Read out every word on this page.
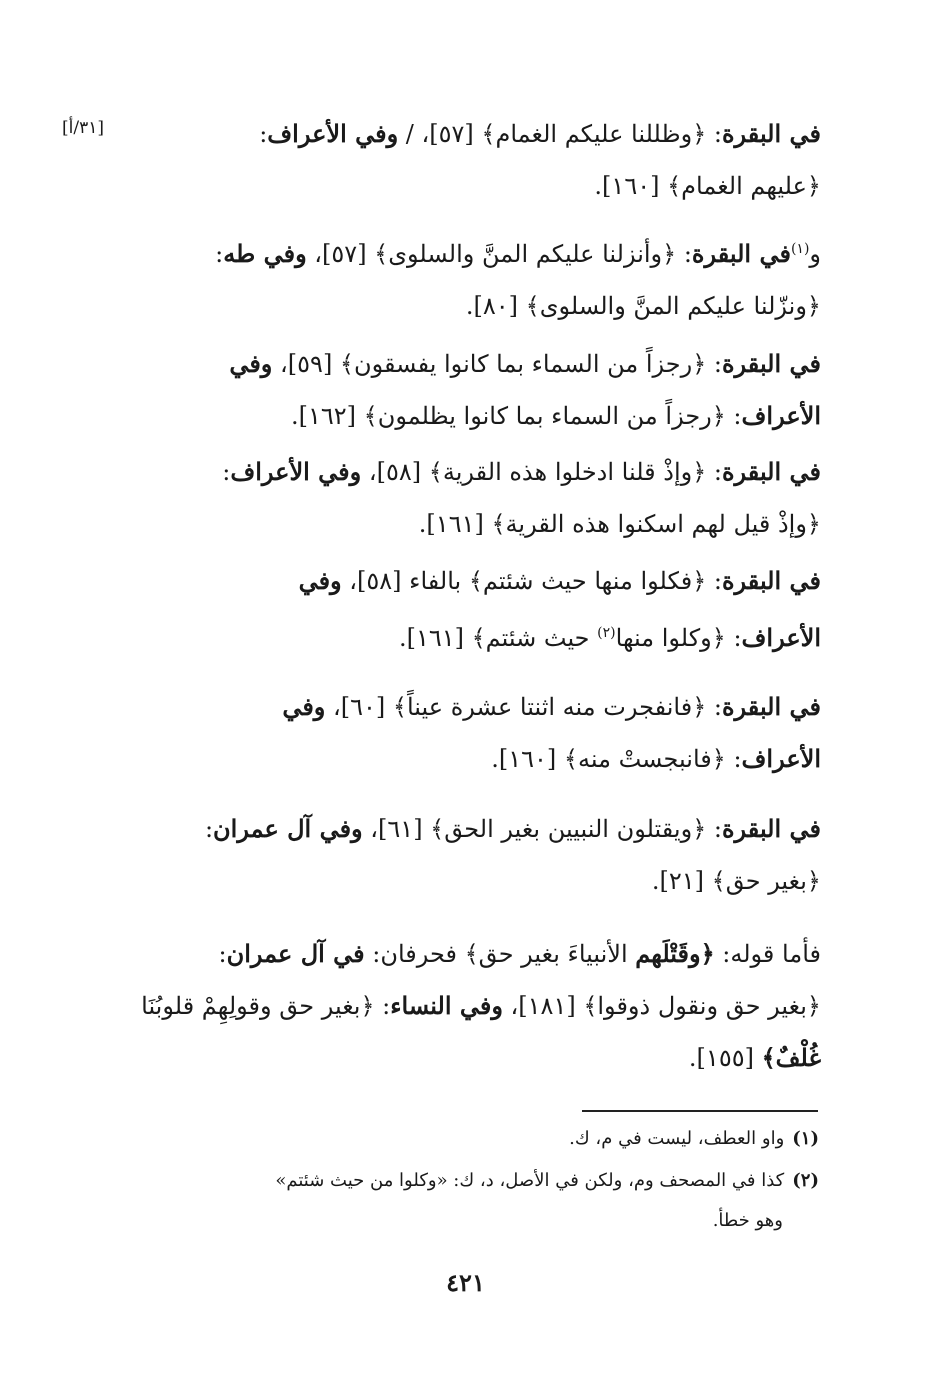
[٣١/أ]	في البقرة: ﴿وظللنا عليكم الغمام﴾ [٥٧]، / وفي الأعراف:
﴿عليهم الغمام﴾ [١٦٠].
و$^{(١)}$في البقرة: ﴿وأنزلنا عليكم المنَّ والسلوى﴾ [٥٧]، وفي طه:
﴿ونزّلنا عليكم المنَّ والسلوى﴾ [٨٠].
في البقرة: ﴿رجزاً من السماء بما كانوا يفسقون﴾ [٥٩]، وفي
الأعراف: ﴿رجزاً من السماء بما كانوا يظلمون﴾ [١٦٢].
في البقرة: ﴿وإذْ قلنا ادخلوا هذه القرية﴾ [٥٨]، وفي الأعراف:
﴿وإذْ قيل لهم اسكنوا هذه القرية﴾ [١٦١].
في البقرة: ﴿فكلوا منها حيث شئتم﴾ بالفاء [٥٨]، وفي
الأعراف: ﴿وكلوا منها$^{(٢)}$ حيث شئتم﴾ [١٦١].
في البقرة: ﴿فانفجرت منه اثنتا عشرة عيناً﴾ [٦٠]، وفي
الأعراف: ﴿فانبجستْ منه﴾ [١٦٠].
في البقرة: ﴿ويقتلون النبيين بغير الحق﴾ [٦١]، وفي آل عمران:
﴿بغير حق﴾ [٢١].
فأما قوله: ﴿وقَتْلَهم الأنبياءَ بغير حق﴾ فحرفان: في آل عمران:
﴿بغير حق ونقول ذوقوا﴾ [١٨١]، وفي النساء: ﴿بغير حق وقولِهِمْ قلوبُنَا
غُلْفٌ﴾ [١٥٥].
(١)واو العطف، ليست في م، ك.
(٢)كذا في المصحف وم، ولكن في الأصل، د، ك: «وكلوا من حيث شئتم»
وهو خطأ.
٤٢١
